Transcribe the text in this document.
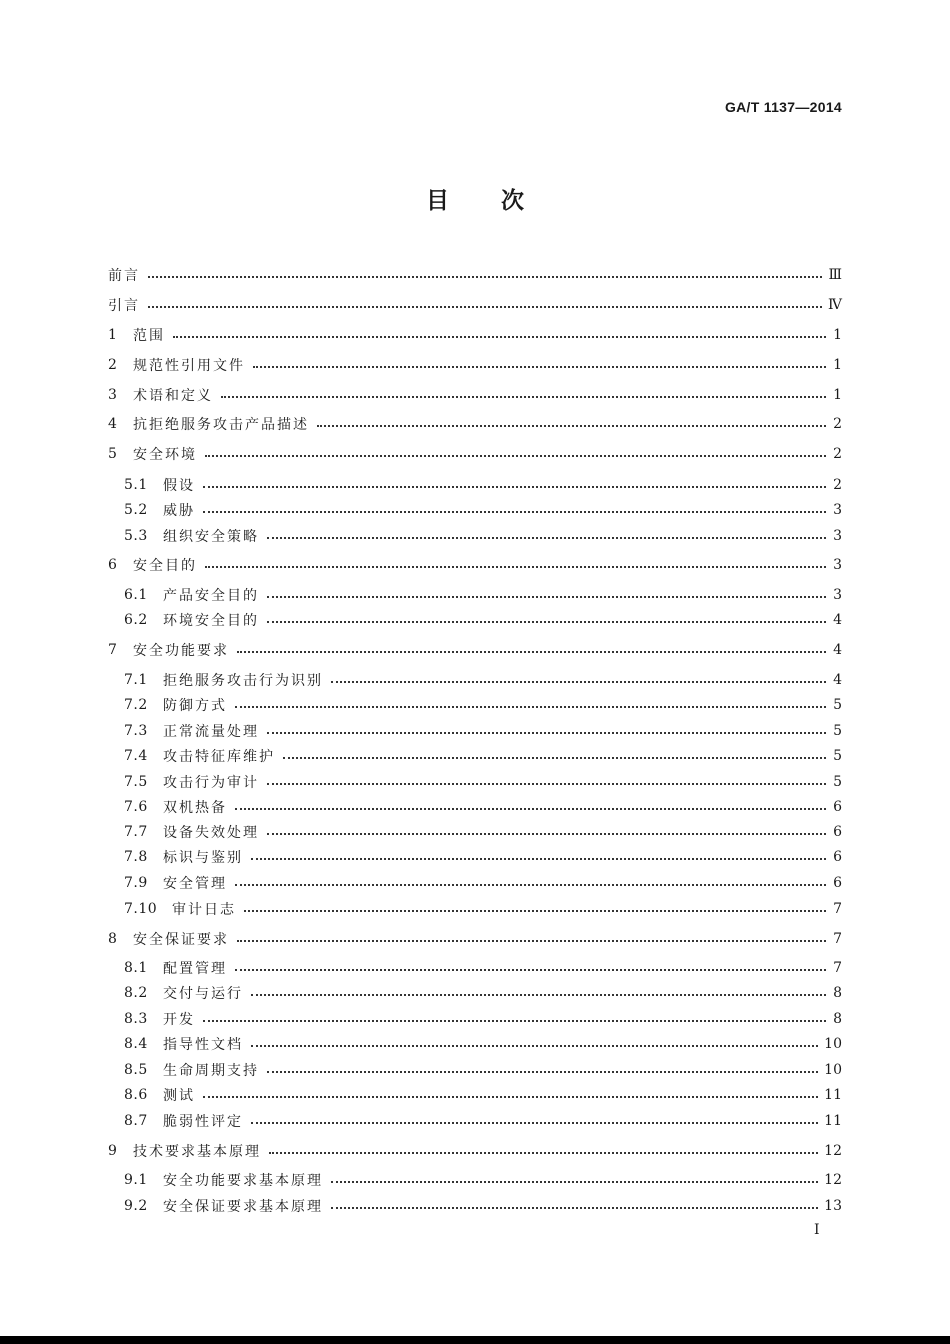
GA/T 1137—2014
目 次
前言	Ⅲ
引言	Ⅳ
1	范围	1
2	规范性引用文件	1
3	术语和定义	1
4	抗拒绝服务攻击产品描述	2
5	安全环境	2
5.1	假设	2
5.2	威胁	3
5.3	组织安全策略	3
6	安全目的	3
6.1	产品安全目的	3
6.2	环境安全目的	4
7	安全功能要求	4
7.1	拒绝服务攻击行为识别	4
7.2	防御方式	5
7.3	正常流量处理	5
7.4	攻击特征库维护	5
7.5	攻击行为审计	5
7.6	双机热备	6
7.7	设备失效处理	6
7.8	标识与鉴别	6
7.9	安全管理	6
7.10	审计日志	7
8	安全保证要求	7
8.1	配置管理	7
8.2	交付与运行	8
8.3	开发	8
8.4	指导性文档	10
8.5	生命周期支持	10
8.6	测试	11
8.7	脆弱性评定	11
9	技术要求基本原理	12
9.1	安全功能要求基本原理	12
9.2	安全保证要求基本原理	13
I
